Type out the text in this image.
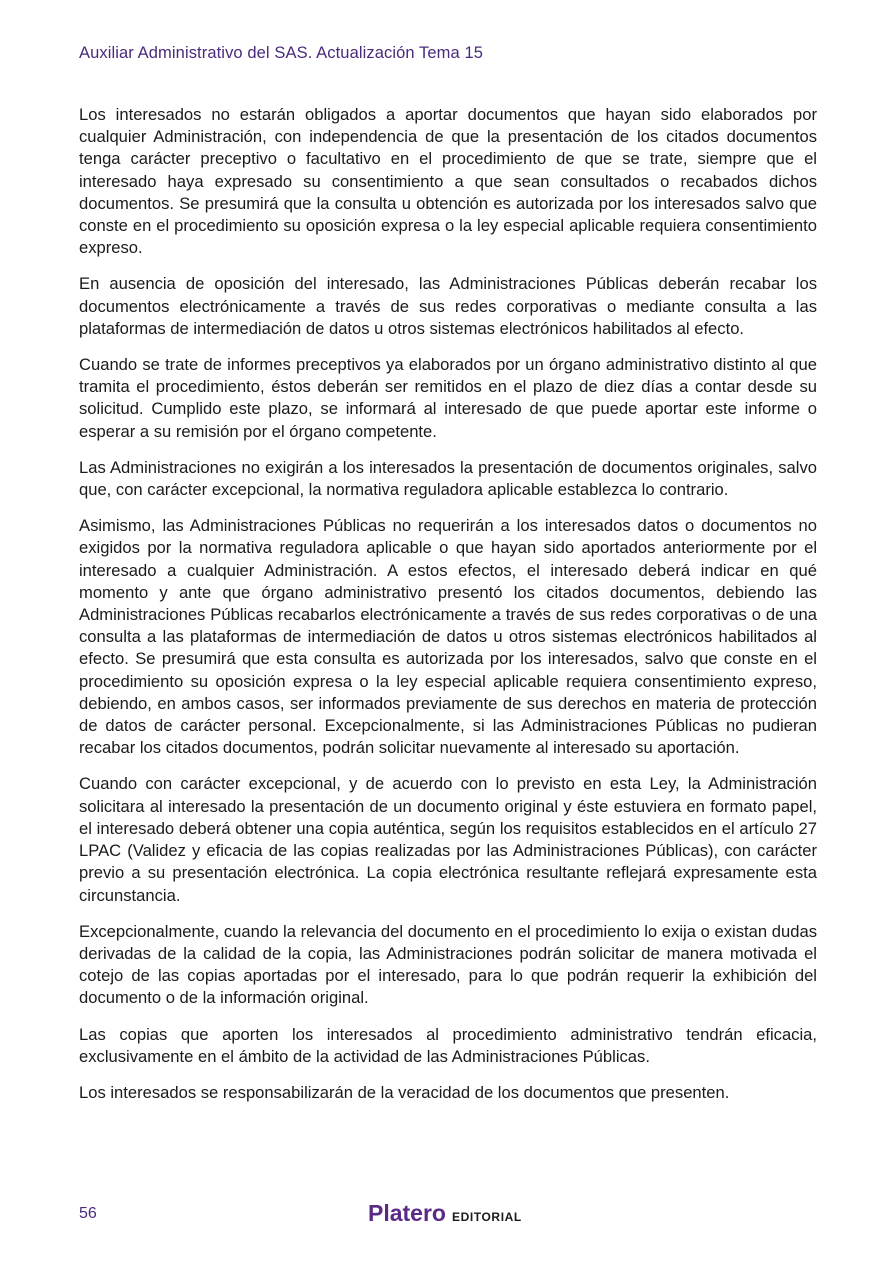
Auxiliar Administrativo del SAS. Actualización Tema 15

Los interesados no estarán obligados a aportar documentos que hayan sido elaborados por cualquier Administración, con independencia de que la presentación de los citados documentos tenga carácter preceptivo o facultativo en el procedimiento de que se trate, siempre que el interesado haya expresado su consentimiento a que sean consultados o recabados dichos documentos. Se presumirá que la consulta u obtención es autorizada por los interesados salvo que conste en el procedimiento su oposición expresa o la ley especial aplicable requiera consentimiento expreso.

En ausencia de oposición del interesado, las Administraciones Públicas deberán recabar los documentos electrónicamente a través de sus redes corporativas o mediante consulta a las plataformas de intermediación de datos u otros sistemas electrónicos habilitados al efecto.

Cuando se trate de informes preceptivos ya elaborados por un órgano administrativo distinto al que tramita el procedimiento, éstos deberán ser remitidos en el plazo de diez días a contar desde su solicitud. Cumplido este plazo, se informará al interesado de que puede aportar este informe o esperar a su remisión por el órgano competente.

Las Administraciones no exigirán a los interesados la presentación de documentos originales, salvo que, con carácter excepcional, la normativa reguladora aplicable establezca lo contrario.

Asimismo, las Administraciones Públicas no requerirán a los interesados datos o documentos no exigidos por la normativa reguladora aplicable o que hayan sido aportados anteriormente por el interesado a cualquier Administración. A estos efectos, el interesado deberá indicar en qué momento y ante que órgano administrativo presentó los citados documentos, debiendo las Administraciones Públicas recabarlos electrónicamente a través de sus redes corporativas o de una consulta a las plataformas de intermediación de datos u otros sistemas electrónicos habilitados al efecto. Se presumirá que esta consulta es autorizada por los interesados, salvo que conste en el procedimiento su oposición expresa o la ley especial aplicable requiera consentimiento expreso, debiendo, en ambos casos, ser informados previamente de sus derechos en materia de protección de datos de carácter personal. Excepcionalmente, si las Administraciones Públicas no pudieran recabar los citados documentos, podrán solicitar nuevamente al interesado su aportación.

Cuando con carácter excepcional, y de acuerdo con lo previsto en esta Ley, la Administración solicitara al interesado la presentación de un documento original y éste estuviera en formato papel, el interesado deberá obtener una copia auténtica, según los requisitos establecidos en el artículo 27 LPAC (Validez y eficacia de las copias realizadas por las Administraciones Públicas), con carácter previo a su presentación electrónica. La copia electrónica resultante reflejará expresamente esta circunstancia.

Excepcionalmente, cuando la relevancia del documento en el procedimiento lo exija o existan dudas derivadas de la calidad de la copia, las Administraciones podrán solicitar de manera motivada el cotejo de las copias aportadas por el interesado, para lo que podrán requerir la exhibición del documento o de la información original.

Las copias que aporten los interesados al procedimiento administrativo tendrán eficacia, exclusivamente en el ámbito de la actividad de las Administraciones Públicas.

Los interesados se responsabilizarán de la veracidad de los documentos que presenten.

56	Platero EDITORIAL
